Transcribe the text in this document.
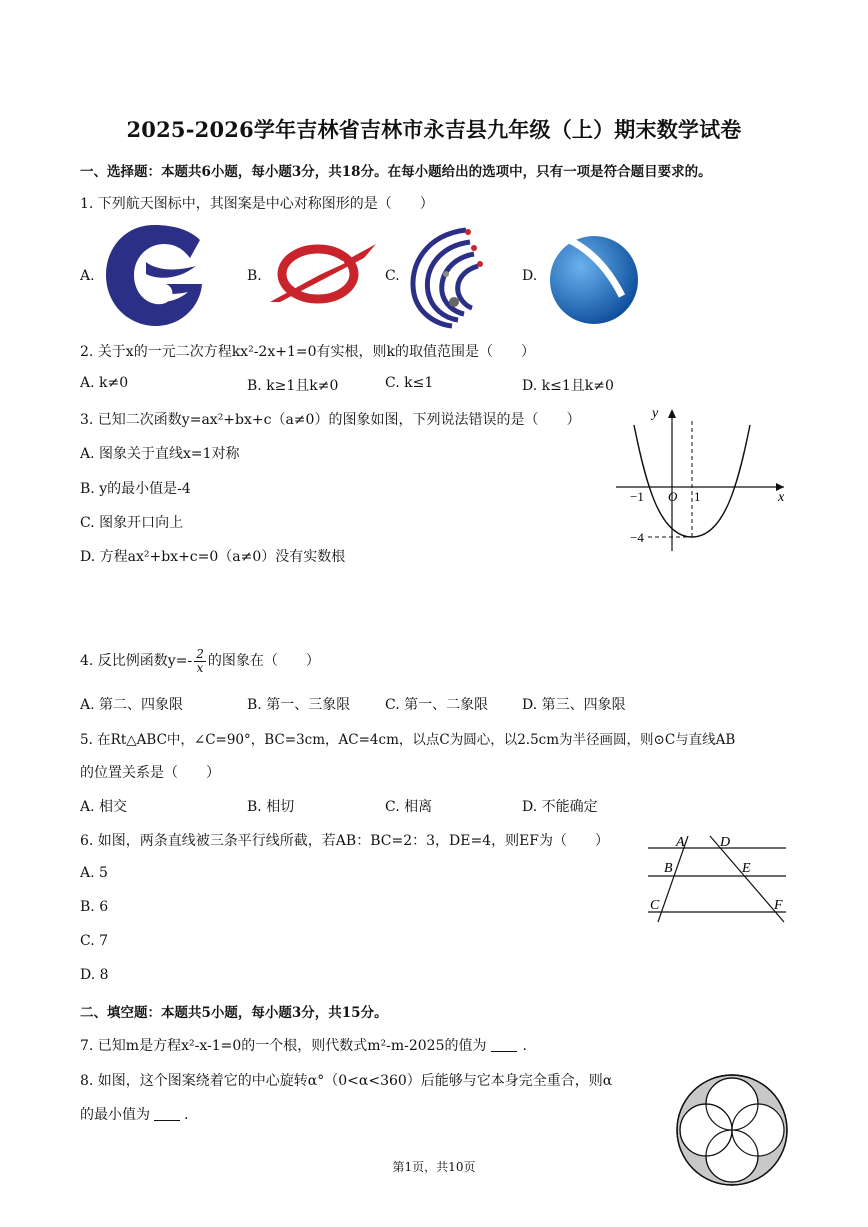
2025-2026学年吉林省吉林市永吉县九年级（上）期末数学试卷
一、选择题：本题共6小题，每小题3分，共18分。在每小题给出的选项中，只有一项是符合题目要求的。
1. 下列航天图标中，其图案是中心对称图形的是（　　）
A.	B.	C.	D.
2. 关于x的一元二次方程kx²-2x+1=0有实根，则k的取值范围是（　　）
A. k≠0	B. k≥1且k≠0	C. k≤1	D. k≤1且k≠0
3. 已知二次函数y=ax²+bx+c（a≠0）的图象如图，下列说法错误的是（　　）
A. 图象关于直线x=1对称
B. y的最小值是-4
C. 图象开口向上
D. 方程ax²+bx+c=0（a≠0）没有实数根
y
x
O
−1	1
−4
4. 反比例函数$y=- \frac{2}{x}$ 的图象在（　　）
A. 第二、四象限	B. 第一、三象限 C. 第一、二象限 D. 第三、四象限
5. 在Rt△ABC中，∠C=90°，BC=3cm，AC=4cm，以点C为圆心，以2.5cm为半径画圆，则⊙C与直线AB
的位置关系是（　　）
A. 相交	B. 相切	C. 相离	D. 不能确定
6. 如图，两条直线被三条平行线所截，若AB：BC=2：3，DE=4，则EF为（　　）
A. 5
B. 6
C. 7
D. 8
A	D
B	E
C	F
二、填空题：本题共5小题，每小题3分，共15分。
7. 已知m是方程x²-x-1=0的一个根，则代数式m²-m-2025的值为	.
8. 如图，这个图案绕着它的中心旋转α°（0<α<360）后能够与它本身完全重合，则α
的最小值为 .
第1页，共10页
